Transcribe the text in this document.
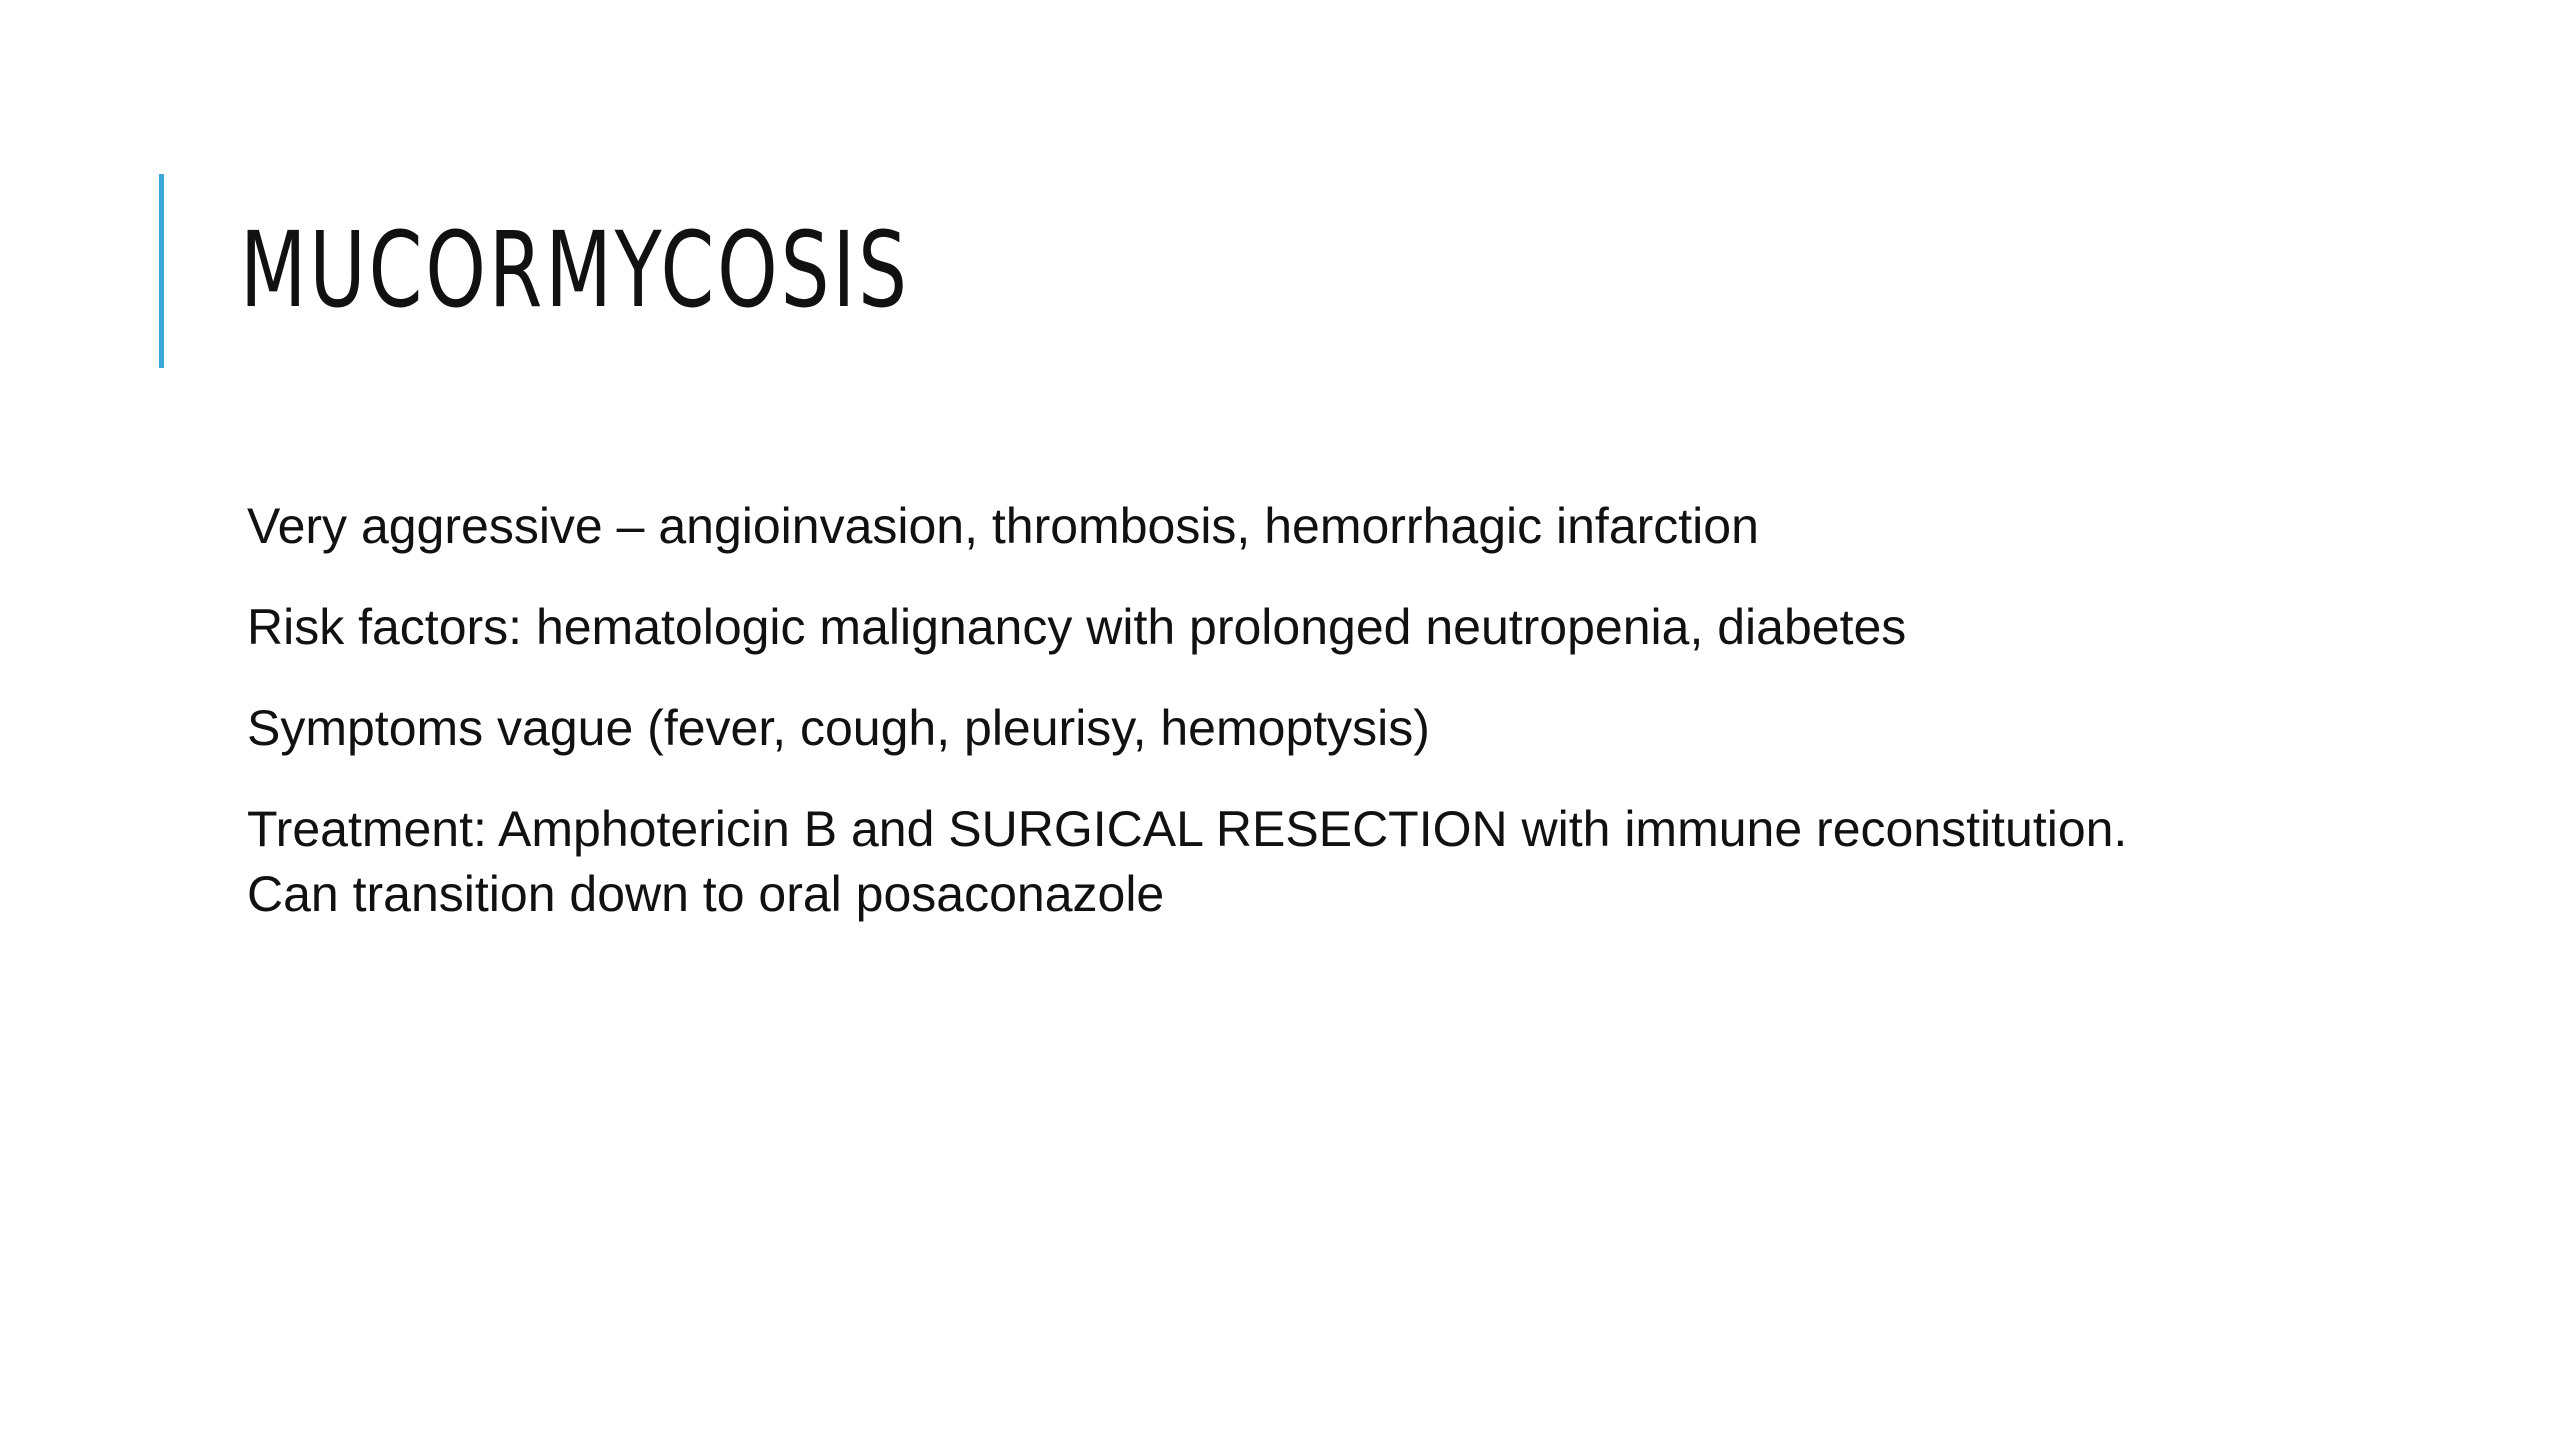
MUCORMYCOSIS
Very aggressive – angioinvasion, thrombosis, hemorrhagic infarction
Risk factors: hematologic malignancy with prolonged neutropenia, diabetes
Symptoms vague (fever, cough, pleurisy, hemoptysis)
Treatment: Amphotericin B and SURGICAL RESECTION with immune reconstitution.
Can transition down to oral posaconazole
